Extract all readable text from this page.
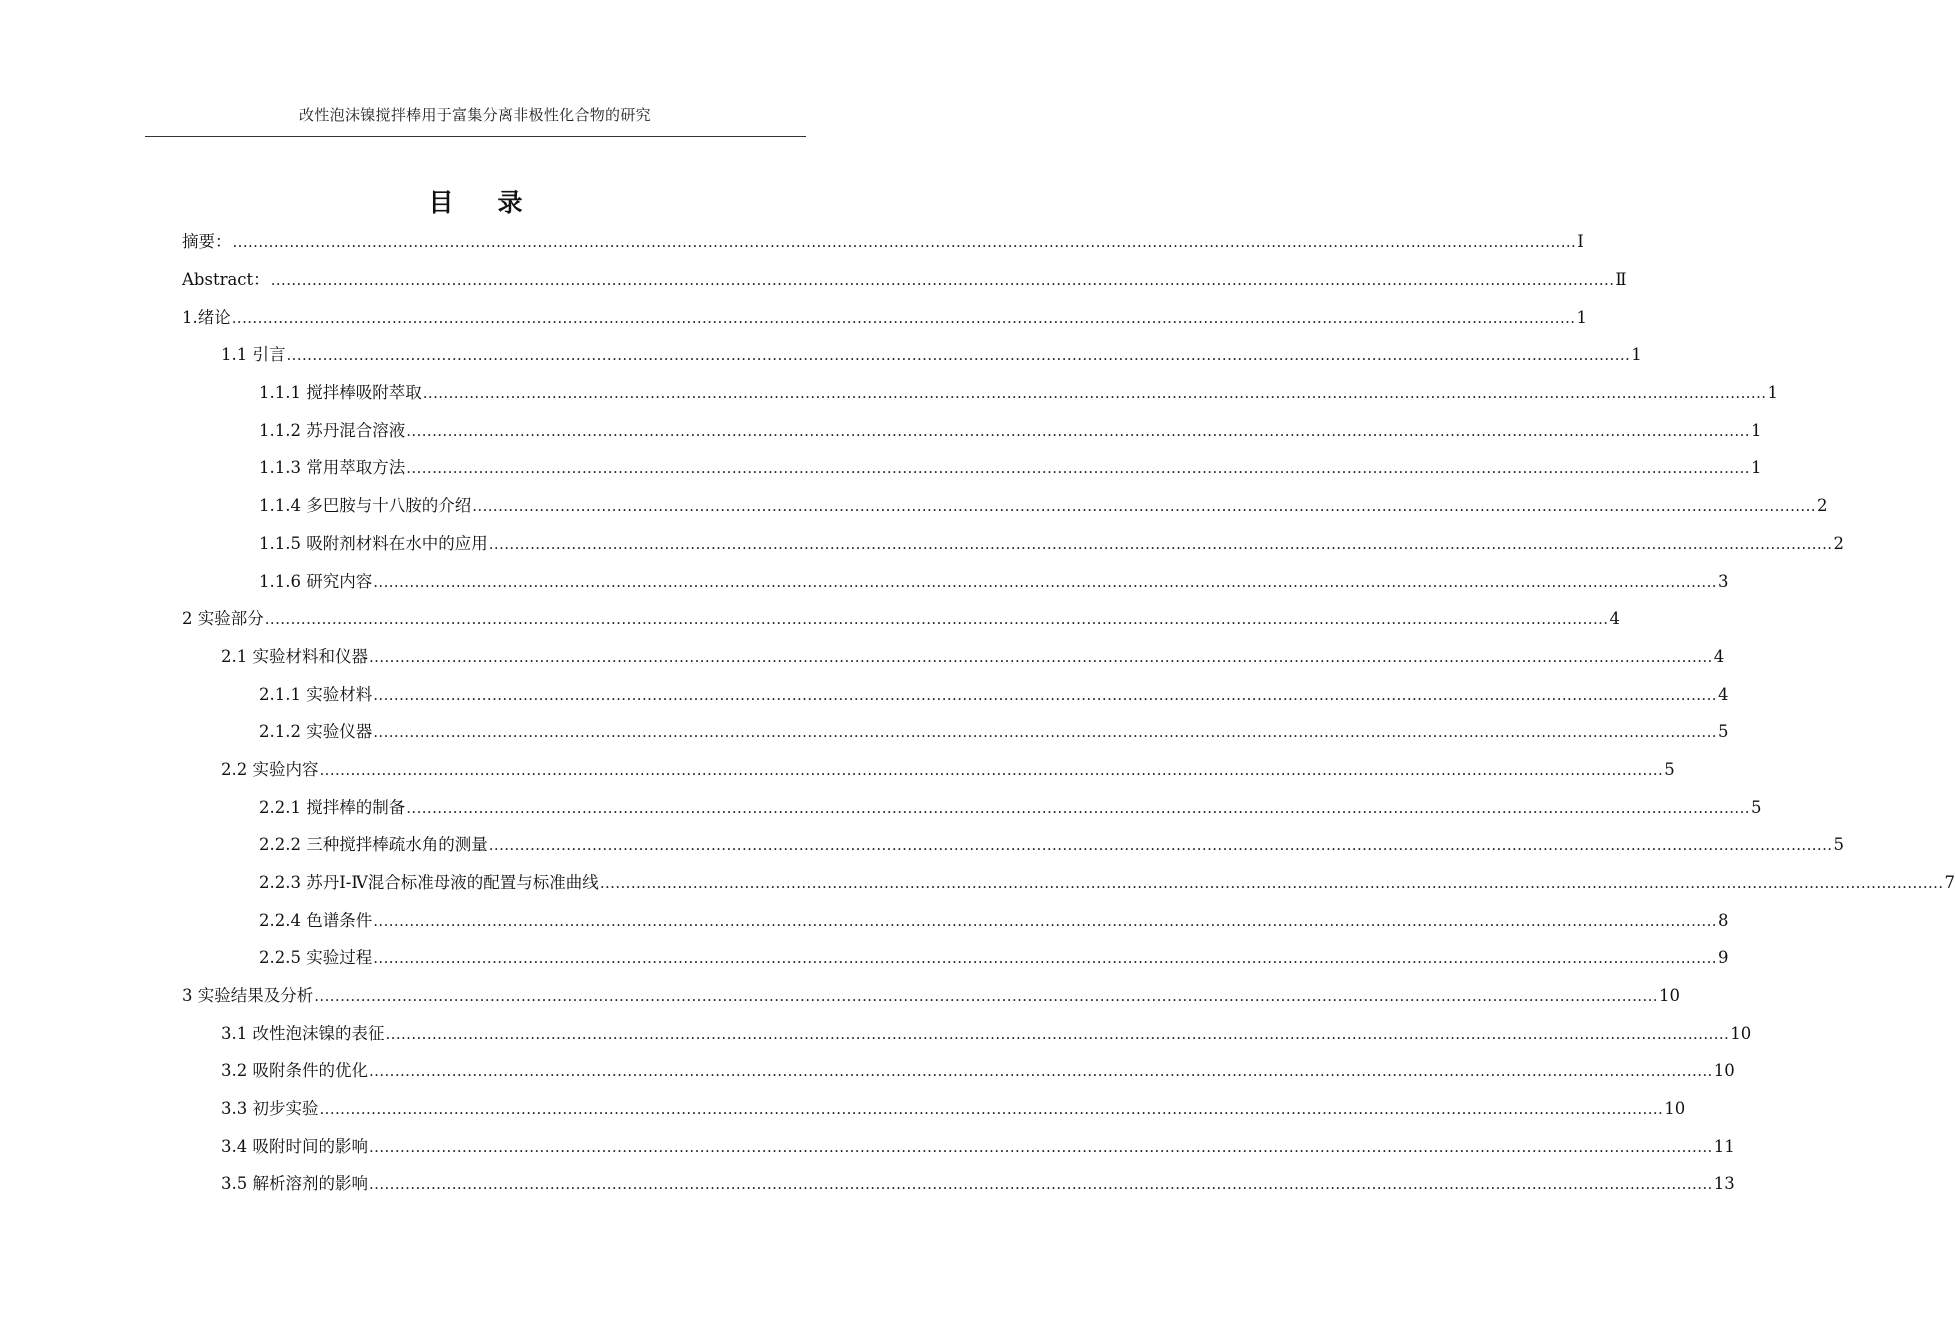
改性泡沫镍搅拌棒用于富集分离非极性化合物的研究
目录
摘要： .................................................................................................................................................................................................................................................................... Ⅰ
Abstract： .................................................................................................................................................................................................................................................................... Ⅱ
1.绪论 .................................................................................................................................................................................................................................................................... 1
1.1 引言 .................................................................................................................................................................................................................................................................... 1
1.1.1 搅拌棒吸附萃取 .................................................................................................................................................................................................................................................................... 1
1.1.2 苏丹混合溶液 .................................................................................................................................................................................................................................................................... 1
1.1.3 常用萃取方法 .................................................................................................................................................................................................................................................................... 1
1.1.4 多巴胺与十八胺的介绍 .................................................................................................................................................................................................................................................................... 2
1.1.5 吸附剂材料在水中的应用 .................................................................................................................................................................................................................................................................... 2
1.1.6 研究内容 .................................................................................................................................................................................................................................................................... 3
2 实验部分 .................................................................................................................................................................................................................................................................... 4
2.1 实验材料和仪器 .................................................................................................................................................................................................................................................................... 4
2.1.1 实验材料 .................................................................................................................................................................................................................................................................... 4
2.1.2 实验仪器 .................................................................................................................................................................................................................................................................... 5
2.2 实验内容 .................................................................................................................................................................................................................................................................... 5
2.2.1 搅拌棒的制备 .................................................................................................................................................................................................................................................................... 5
2.2.2 三种搅拌棒疏水角的测量 .................................................................................................................................................................................................................................................................... 5
2.2.3 苏丹Ⅰ-Ⅳ混合标准母液的配置与标准曲线 .................................................................................................................................................................................................................................................................... 7
2.2.4 色谱条件 .................................................................................................................................................................................................................................................................... 8
2.2.5 实验过程 .................................................................................................................................................................................................................................................................... 9
3 实验结果及分析 .................................................................................................................................................................................................................................................................... 10
3.1 改性泡沫镍的表征 .................................................................................................................................................................................................................................................................... 10
3.2 吸附条件的优化 .................................................................................................................................................................................................................................................................... 10
3.3 初步实验 .................................................................................................................................................................................................................................................................... 10
3.4 吸附时间的影响 .................................................................................................................................................................................................................................................................... 11
3.5 解析溶剂的影响 .................................................................................................................................................................................................................................................................... 13
